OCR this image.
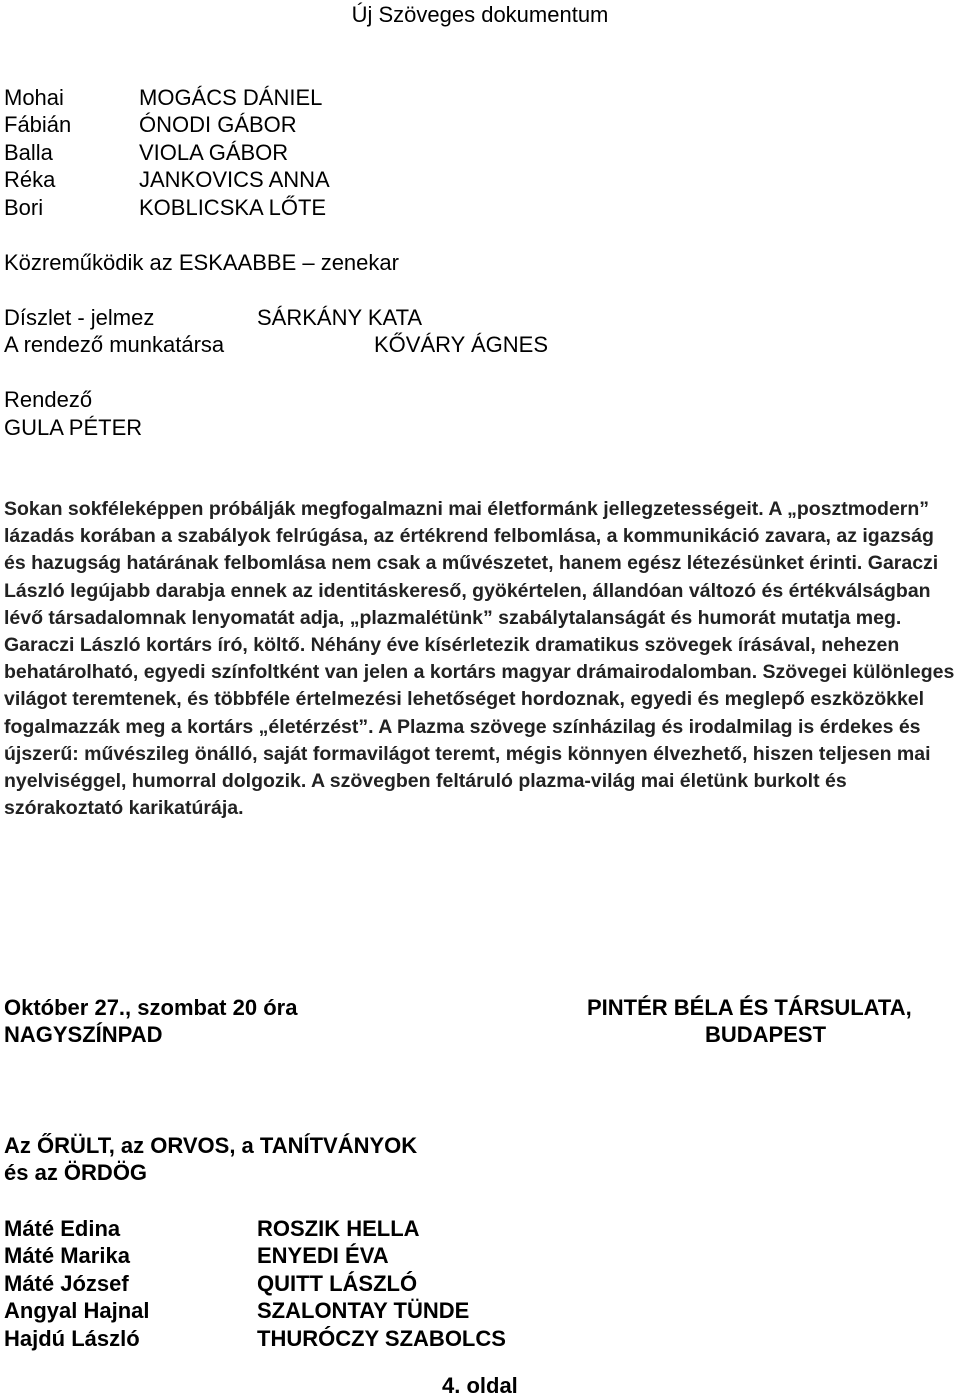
Új Szöveges dokumentum
Mohai	MOGÁCS DÁNIEL
Fábián	ÓNODI GÁBOR
Balla	VIOLA GÁBOR
Réka	JANKOVICS ANNA
Bori	KOBLICSKA LŐTE
Közreműködik az ESKAABBE – zenekar
Díszlet - jelmez	SÁRKÁNY KATA
A rendező munkatársa	KŐVÁRY ÁGNES
Rendező
GULA PÉTER

Sokan sokféleképpen próbálják megfogalmazni mai életformánk jellegzetességeit. A „posztmodern” lázadás korában a szabályok felrúgása, az értékrend felbomlása, a kommunikáció zavara, az igazság és hazugság határának felbomlása nem csak a művészetet, hanem egész létezésünket érinti. Garaczi László legújabb darabja ennek az identitáskereső, gyökértelen, állandóan változó és értékválságban lévő társadalomnak lenyomatát adja, „plazmalétünk” szabálytalanságát és humorát mutatja meg.

Garaczi László kortárs író, költő. Néhány éve kísérletezik dramatikus szövegek írásával, nehezen behatárolható, egyedi színfoltként van jelen a kortárs magyar drámairodalomban. Szövegei különleges világot teremtenek, és többféle értelmezési lehetőséget hordoznak, egyedi és meglepő eszközökkel fogalmazzák meg a kortárs „életérzést”. A Plazma szövege színházilag és irodalmilag is érdekes és újszerű: művészileg önálló, saját formavilágot teremt, mégis könnyen élvezhető, hiszen teljesen mai nyelviséggel, humorral dolgozik. A szövegben feltáruló plazma-világ mai életünk burkolt és szórakoztató karikatúrája.

Október 27., szombat 20 óra
NAGYSZÍNPAD
PINTÉR BÉLA ÉS TÁRSULATA,
BUDAPEST
Az ŐRÜLT, az ORVOS, a TANÍTVÁNYOK
és az ÖRDÖG
Máté Edina	ROSZIK HELLA
Máté Marika	ENYEDI ÉVA
Máté József	QUITT LÁSZLÓ
Angyal Hajnal	SZALONTAY TÜNDE
Hajdú László	THURÓCZY SZABOLCS
4. oldal
